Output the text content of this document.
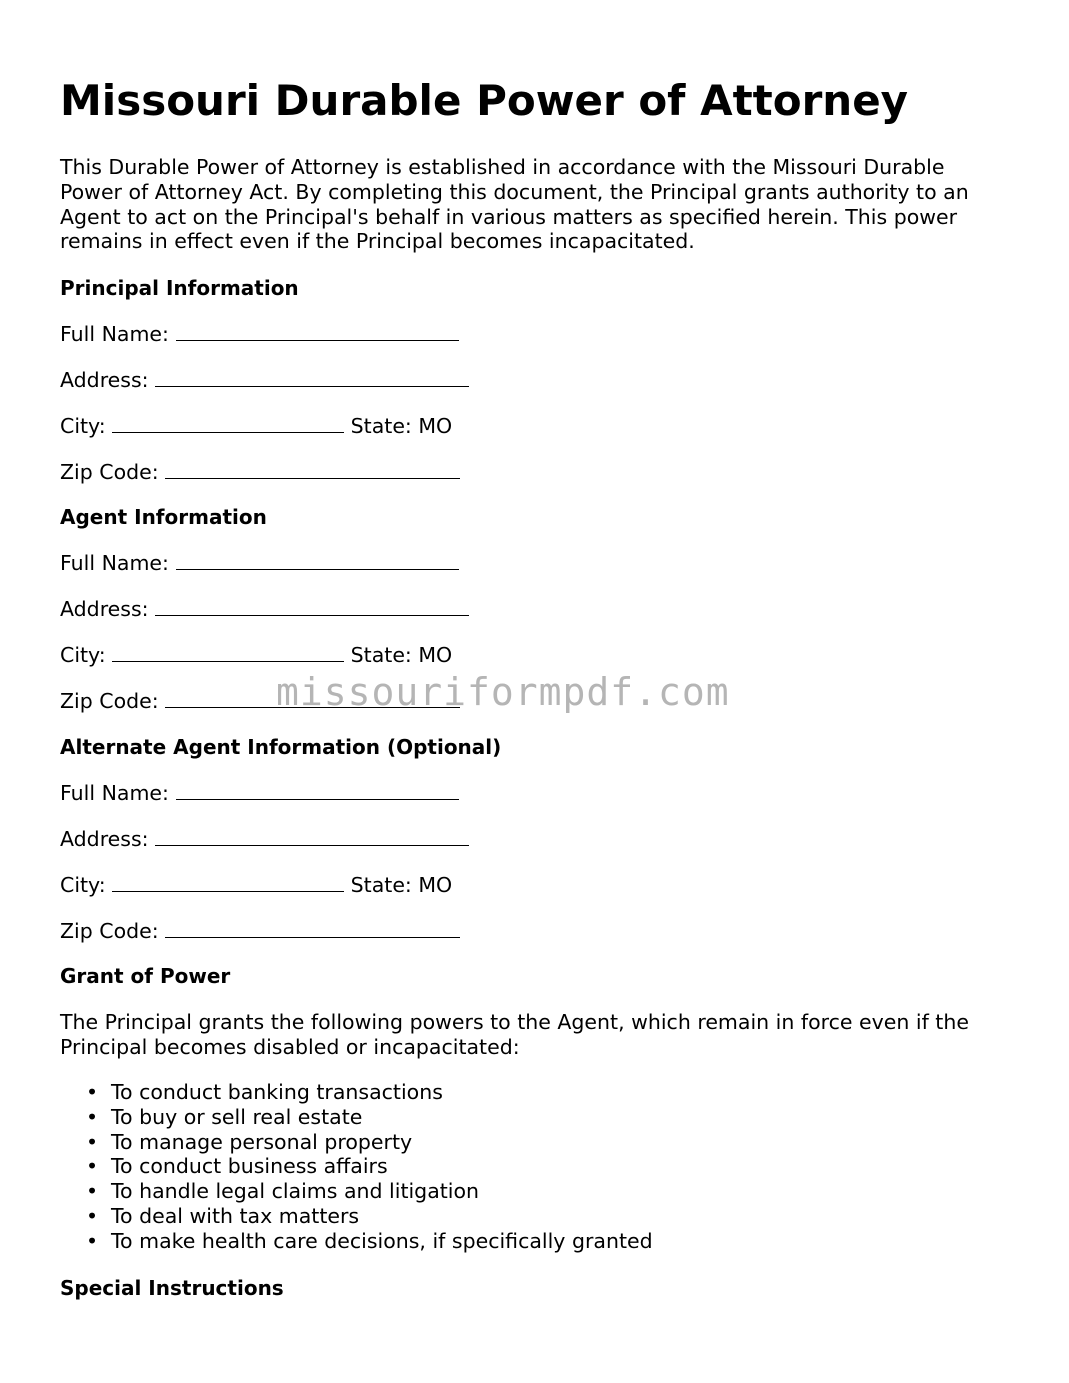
Missouri Durable Power of Attorney

This Durable Power of Attorney is established in accordance with the Missouri Durable Power of Attorney Act. By completing this document, the Principal grants authority to an Agent to act on the Principal's behalf in various matters as specified herein. This power remains in effect even if the Principal becomes incapacitated.

Principal Information

Full Name:

Address:

City:	State: MO

Zip Code:

Agent Information

Full Name:

Address:

City:	State: MO

Zip Code:

Alternate Agent Information (Optional)

Full Name:

Address:

City:	State: MO

Zip Code:

Grant of Power

The Principal grants the following powers to the Agent, which remain in force even if the Principal becomes disabled or incapacitated:

• To conduct banking transactions
• To buy or sell real estate
• To manage personal property
• To conduct business affairs
• To handle legal claims and litigation
• To deal with tax matters
• To make health care decisions, if specifically granted

Special Instructions

missouriformpdf.com
